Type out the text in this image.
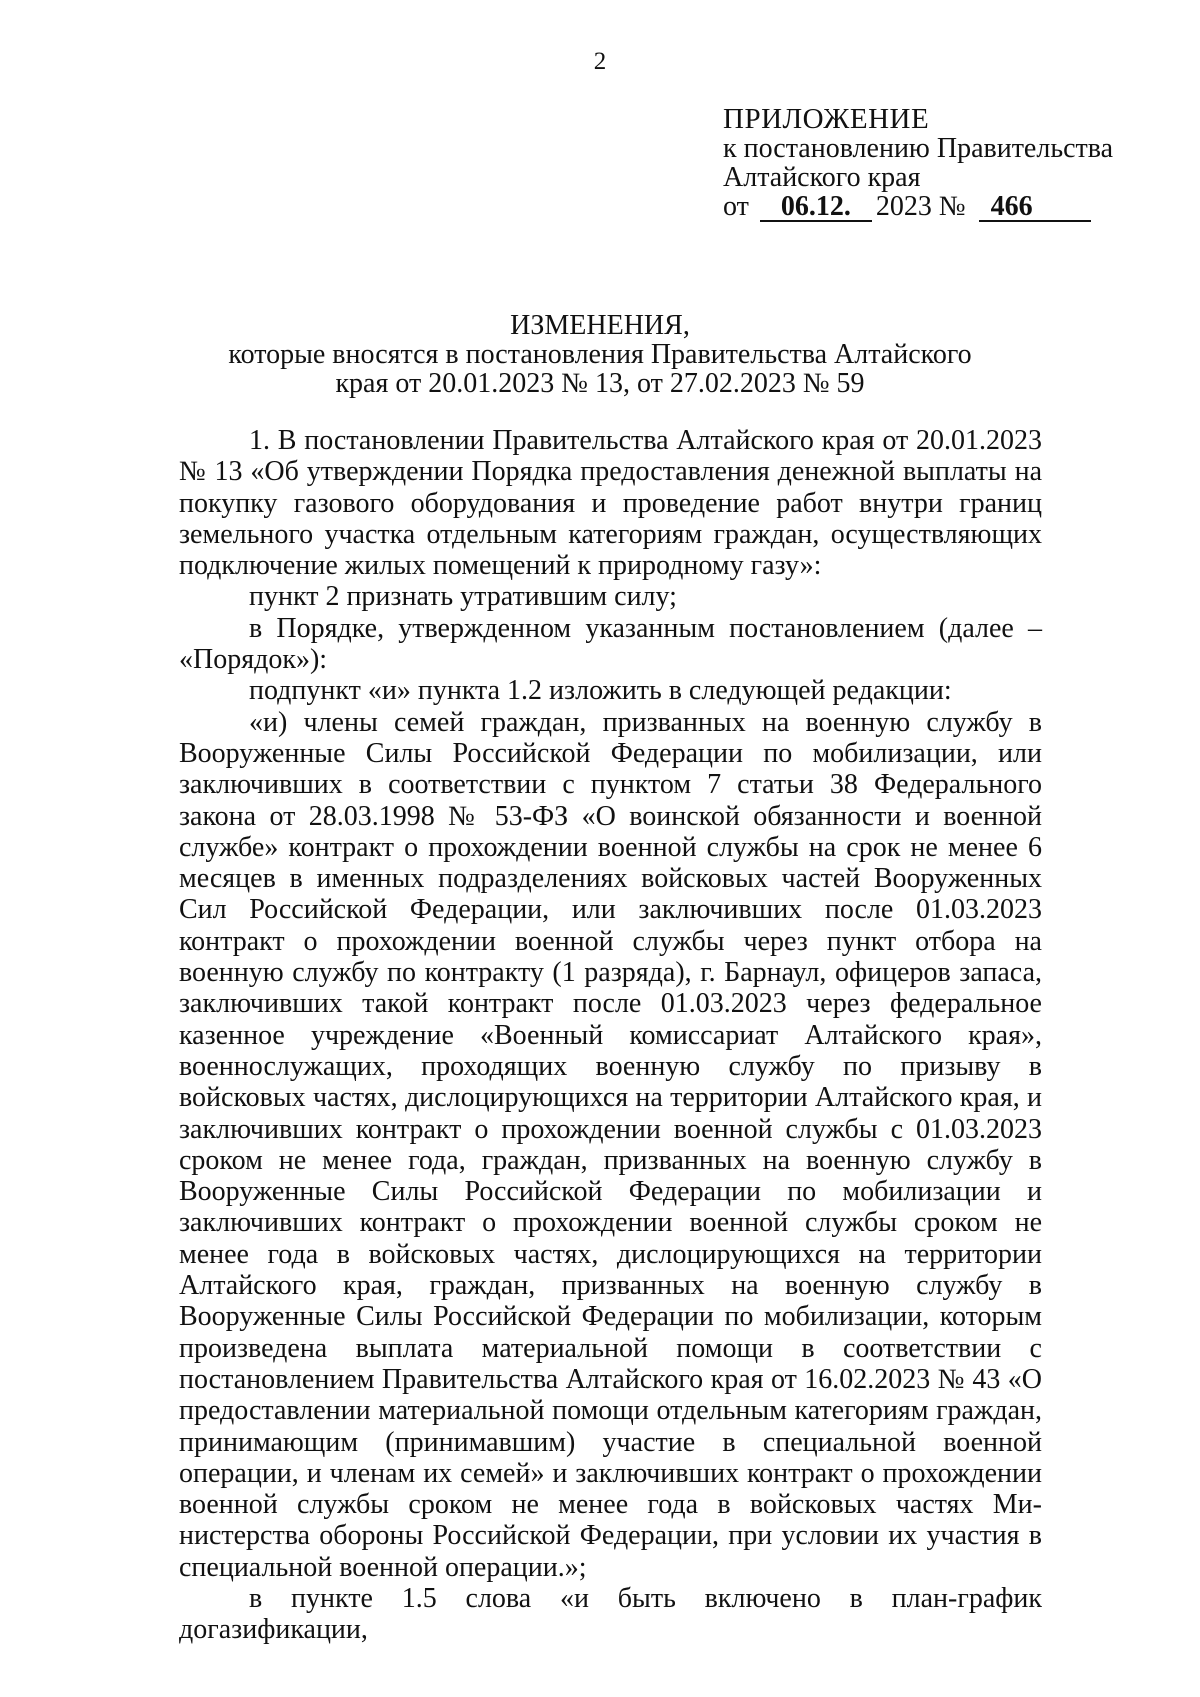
2
ПРИЛОЖЕНИЕ
к постановлению Правительства
Алтайского края
от 06.12. 2023 № 466
ИЗМЕНЕНИЯ,
которые вносятся в постановления Правительства Алтайского
края от 20.01.2023 № 13, от 27.02.2023 № 59

1. В постановлении Правительства Алтайского края от 20.01.2023 № 13 «Об утверждении Порядка предоставления денежной выплаты на покупку газового оборудования и проведение работ внутри границ земельного участка отдельным категориям граждан, осуществляющих подключение жилых помещений к природному газу»:

пункт 2 признать утратившим силу;

в Порядке, утвержденном указанным постановлением (далее – «Порядок»):

подпункт «и» пункта 1.2 изложить в следующей редакции:

«и) члены семей граждан, призванных на военную службу в Вооруженные Силы Российской Федерации по мобилизации, или заключивших в соответствии с пунктом 7 статьи 38 Федерального закона от 28.03.1998 № 53-ФЗ «О воинской обязанности и военной службе» контракт о прохождении военной службы на срок не менее 6 месяцев в именных подразделениях войсковых частей Вооруженных Сил Российской Федерации, или заключивших после 01.03.2023 контракт о прохождении военной службы через пункт отбора на военную службу по контракту (1 разряда), г. Барнаул, офицеров запаса, заключивших такой контракт после 01.03.2023 через федеральное казенное учреждение «Военный комиссариат Алтайского края», военнослужащих, проходящих военную службу по призыву в войсковых частях, дислоцирующихся на территории Алтайского края, и заключивших контракт о прохождении военной службы с 01.03.2023 сроком не менее года, граждан, призванных на военную службу в Вооруженные Силы Российской Федерации по мобилизации и заключивших контракт о прохождении военной службы сроком не менее года в войсковых частях, дислоцирующихся на территории Алтайского края, граждан, призванных на военную службу в Вооруженные Силы Российской Федерации по мобилизации, которым произведена выплата материальной помощи в соответствии с постановлением Правительства Алтайского края от 16.02.2023 № 43 «О предоставлении материальной помощи отдельным категориям граждан, принимающим (принимавшим) участие в специальной военной операции, и членам их семей» и заключивших контракт о прохождении военной службы сроком не менее года в войсковых частях Министерства обороны Российской Федерации, при условии их участия в специальной военной операции.»;

в пункте 1.5 слова «и быть включено в план-график догазификации,
